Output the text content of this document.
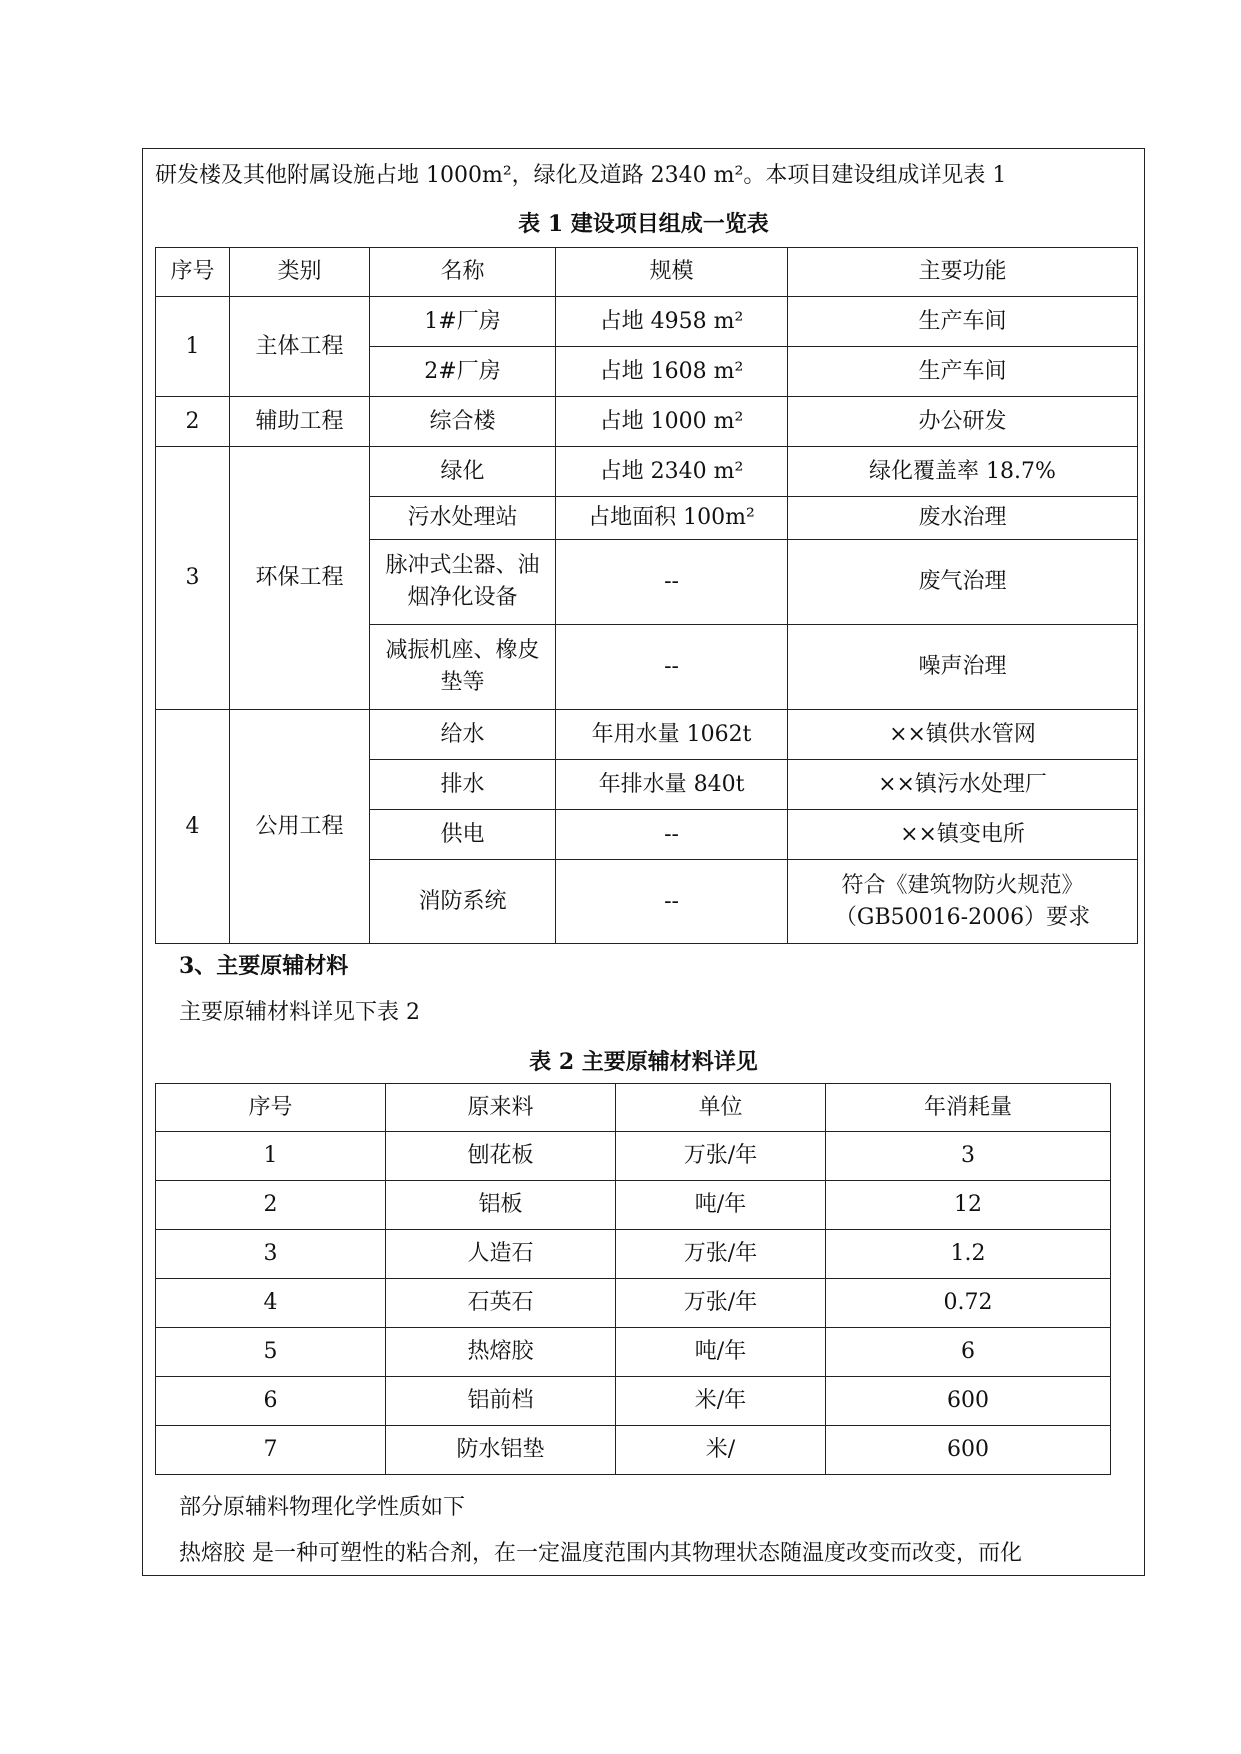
研发楼及其他附属设施占地 1000m²，绿化及道路 2340 m²。本项目建设组成详见表 1
表 1 建设项目组成一览表
序号	类别	名称	规模	主要功能
1	主体工程	1#厂房	占地 4958 m²	生产车间
		2#厂房	占地 1608 m²	生产车间
2	辅助工程	综合楼	占地 1000 m²	办公研发
3	环保工程	绿化	占地 2340 m²	绿化覆盖率 18.7%
		污水处理站	占地面积 100m²	废水治理
		脉冲式尘器、油烟净化设备	--	废气治理
		减振机座、橡皮垫等	--	噪声治理
4	公用工程	给水	年用水量 1062t	××镇供水管网
		排水	年排水量 840t	××镇污水处理厂
		供电	--	××镇变电所
		消防系统	--	符合《建筑物防火规范》（GB50016-2006）要求
3、主要原辅材料
主要原辅材料详见下表 2
表 2 主要原辅材料详见
序号	原来料	单位	年消耗量
1	刨花板	万张/年	3
2	铝板	吨/年	12
3	人造石	万张/年	1.2
4	石英石	万张/年	0.72
5	热熔胶	吨/年	6
6	铝前档	米/年	600
7	防水铝垫	米/	600
部分原辅料物理化学性质如下
热熔胶 是一种可塑性的粘合剂，在一定温度范围内其物理状态随温度改变而改变，而化
